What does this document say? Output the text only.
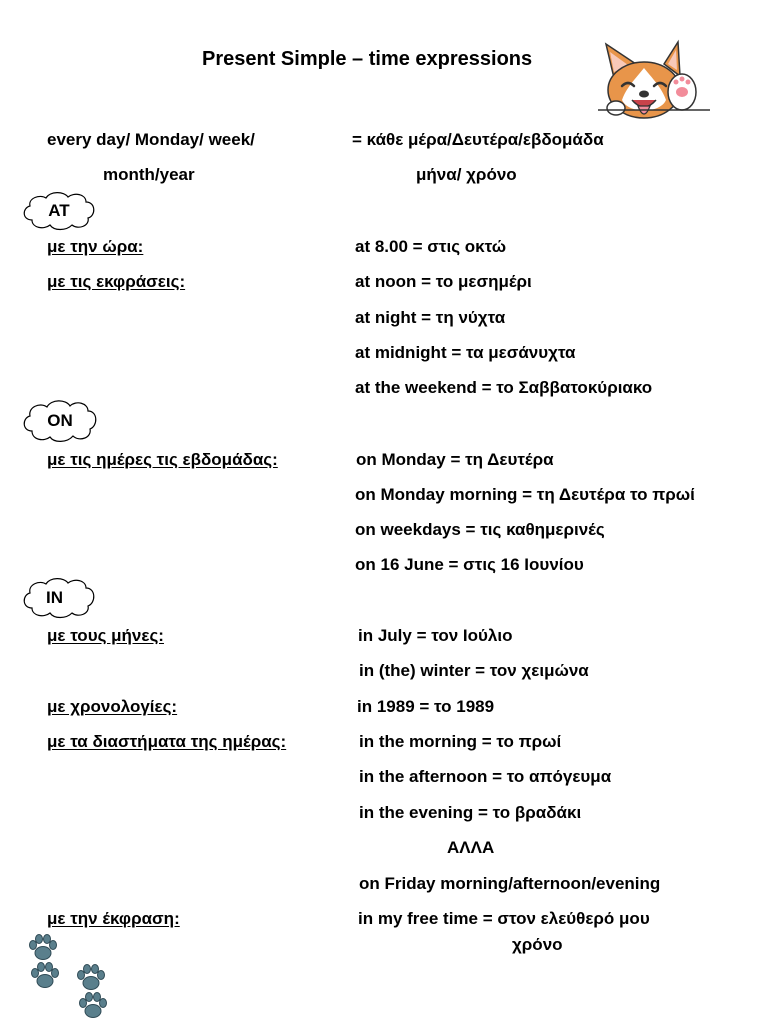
Present Simple – time expressions
every day/ Monday/ week/
month/year
= κάθε μέρα/Δευτέρα/εβδομάδα
μήνα/ χρόνο
AT
με την ώρα:
με τις εκφράσεις:
at 8.00 = στις οκτώ
at noon = το μεσημέρι
at night = τη νύχτα
at midnight = τα μεσάνυχτα
at the weekend = το Σαββατοκύριακο
ON
με τις ημέρες τις εβδομάδας:	on Monday = τη Δευτέρα
on Monday morning = τη Δευτέρα το πρωί
on weekdays = τις καθημερινές
on 16 June = στις 16 Ιουνίου
IN
με τους μήνες:
με χρονολογίες:
με τα διαστήματα της ημέρας:
με την έκφραση:
in July = τον Ιούλιο
in (the) winter = τον χειμώνα
in 1989 = το 1989
in the morning = το πρωί
in the afternoon = το απόγευμα
in the evening = το βραδάκι
ΑΛΛΑ
on Friday morning/afternoon/evening
in my free time = στον ελεύθερό μου
χρόνο
